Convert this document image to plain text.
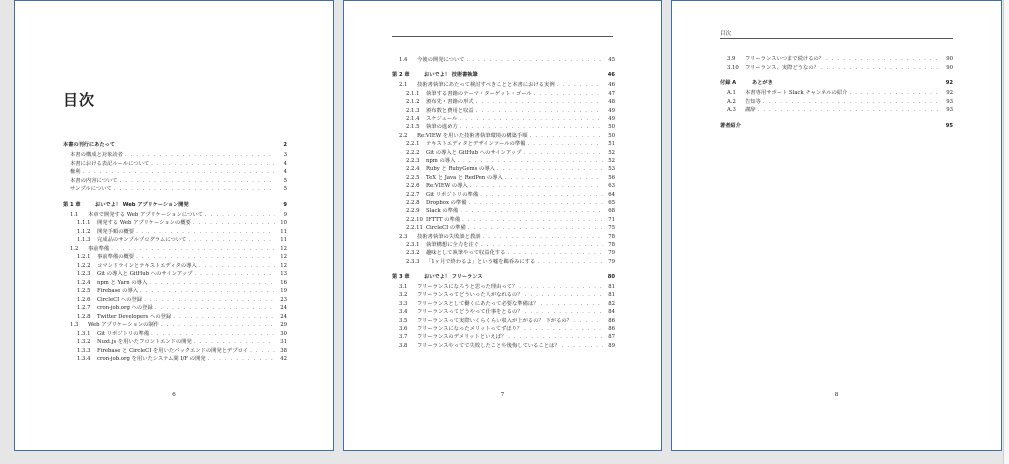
目次
本書の刊行にあたって	2
本書の構成と対象読者 . . .	3
本書における表記ルールについて . . .	4
権利 . . .	4
本書の内容について . . .	5
サンプルについて . . .	5
第 1 章	おいでよ！ Web アプリケーション開発	9
1.1	本章で開発する Web アプリケーションについて . . .	9
1.1.1	開発する Web アプリケーションの概要 . . .	10
1.1.2	開発手順の概要 . . .	11
1.1.3	完成品のサンプルプログラムについて . . .	11
1.2	事前準備 . . .	12
1.2.1	事前準備の概要 . . .	12
1.2.2	コマンドラインとテキストエディタの導入 . . .	12
1.2.3	Git の導入と GitHub へのサインアップ . . .	13
1.2.4	npm と Yarn の導入 . . .	16
1.2.5	Firebase の導入 . . .	19
1.2.6	CircleCI への登録 . . .	23
1.2.7	cron-job.org への登録 . . .	24
1.2.8	Twitter Developers への登録 . . .	24
1.3	Web アプリケーションの制作 . . .	29
1.3.1	Git リポジトリの準備 . . .	30
1.3.2	Nuxt.js を用いたフロントエンドの開発 . . .	31
1.3.3	Firebase と CircleCI を用いたバックエンドの開発とデプロイ . . .	38
1.3.4	cron-job.org を用いたシステム間 I/F の開発 . . .	42
6
1.4	今後の開発について . . .	45
第 2 章	おいでよ！ 技術書執筆	46
2.1	技術書執筆にあたって検討すべきことと本書における実例 . . .	46
2.1.1	執筆する書籍のテーマ・ターゲット・ゴール . . .	47
2.1.2	頒布先・書籍の形式 . . .	48
2.1.3	頒布数と費用と収益 . . .	49
2.1.4	スケジュール . . .	49
2.1.5	執筆の進め方 . . .	50
2.2	Re:VIEW を用いた技術書執筆環境の構築手順 . . .	50
2.2.1	テキストエディタとデザインツールの準備 . . .	51
2.2.2	Git の導入と GitHub へのサインアップ . . .	52
2.2.3	npm の導入 . . .	52
2.2.4	Ruby と RubyGems の導入 . . .	53
2.2.5	TeX と Java と RedPen の導入 . . .	56
2.2.6	Re:VIEW の導入 . . .	63
2.2.7	Git リポジトリの準備 . . .	64
2.2.8	Dropbox の準備 . . .	65
2.2.9	Slack の準備 . . .	68
2.2.10 IFTTT の準備 . . .	71
2.2.11 CircleCI の準備 . . .	75
2.3	技術書執筆の失敗談と教訓 . . .	78
2.3.1	執筆構想に全力を注ぐ . . .	78
2.3.2	趣味として執筆やって収益化する . . .	79
2.3.3	「1ヶ月で終わるよ」という嘘を鵜呑みにする . . .	79
第 3 章	おいでよ！ フリーランス	80
3.1	フリーランスになろうと思った理由って？ . . .	81
3.2	フリーランスってどういった人がなれるの？ . . .	81
3.3	フリーランスとして働くにあたって必要な準備は？ . . .	82
3.4	フリーランスってどうやって仕事をとるの？ . . .	84
3.5	フリーランスって実際いくらくらい収入が上がるの？ 下がるの？ . . .	86
3.6	フリーランスになったメリットってずばり？ . . .	86
3.7	フリーランスのデメリットといえば？ . . .	87
3.8	フリーランスやってて失敗したことや後悔していることは？ . . .	89
7
目次
3.9	フリーランスいつまで続けるの？ . . .	90
3.10	フリーランス、実際どうなの？ . . .	90
付録 A	あとがき	92
A.1	本書専用サポート Slack チャンネルの紹介 . . .	92
A.2	告知等 . . .	93
A.3	謝辞 . . .	93
著者紹介	95
8
